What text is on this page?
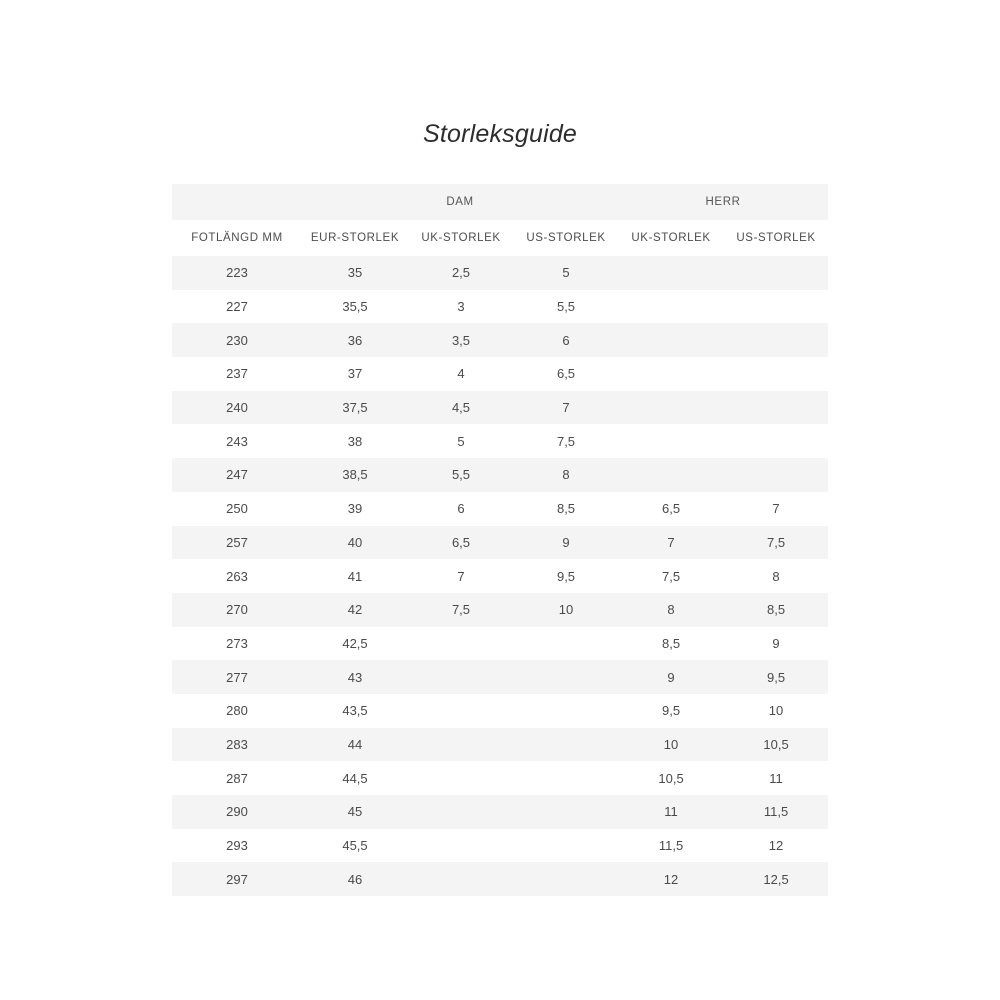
Storleksguide
	DAM			HERR	
FOTLÄNGD MM	EUR-STORLEK	UK-STORLEK	US-STORLEK	UK-STORLEK	US-STORLEK
223	35	2,5	5		
227	35,5	3	5,5		
230	36	3,5	6		
237	37	4	6,5		
240	37,5	4,5	7		
243	38	5	7,5		
247	38,5	5,5	8		
250	39	6	8,5	6,5	7
257	40	6,5	9	7	7,5
263	41	7	9,5	7,5	8
270	42	7,5	10	8	8,5
273	42,5			8,5	9
277	43			9	9,5
280	43,5			9,5	10
283	44			10	10,5
287	44,5			10,5	11
290	45			11	11,5
293	45,5			11,5	12
297	46			12	12,5
